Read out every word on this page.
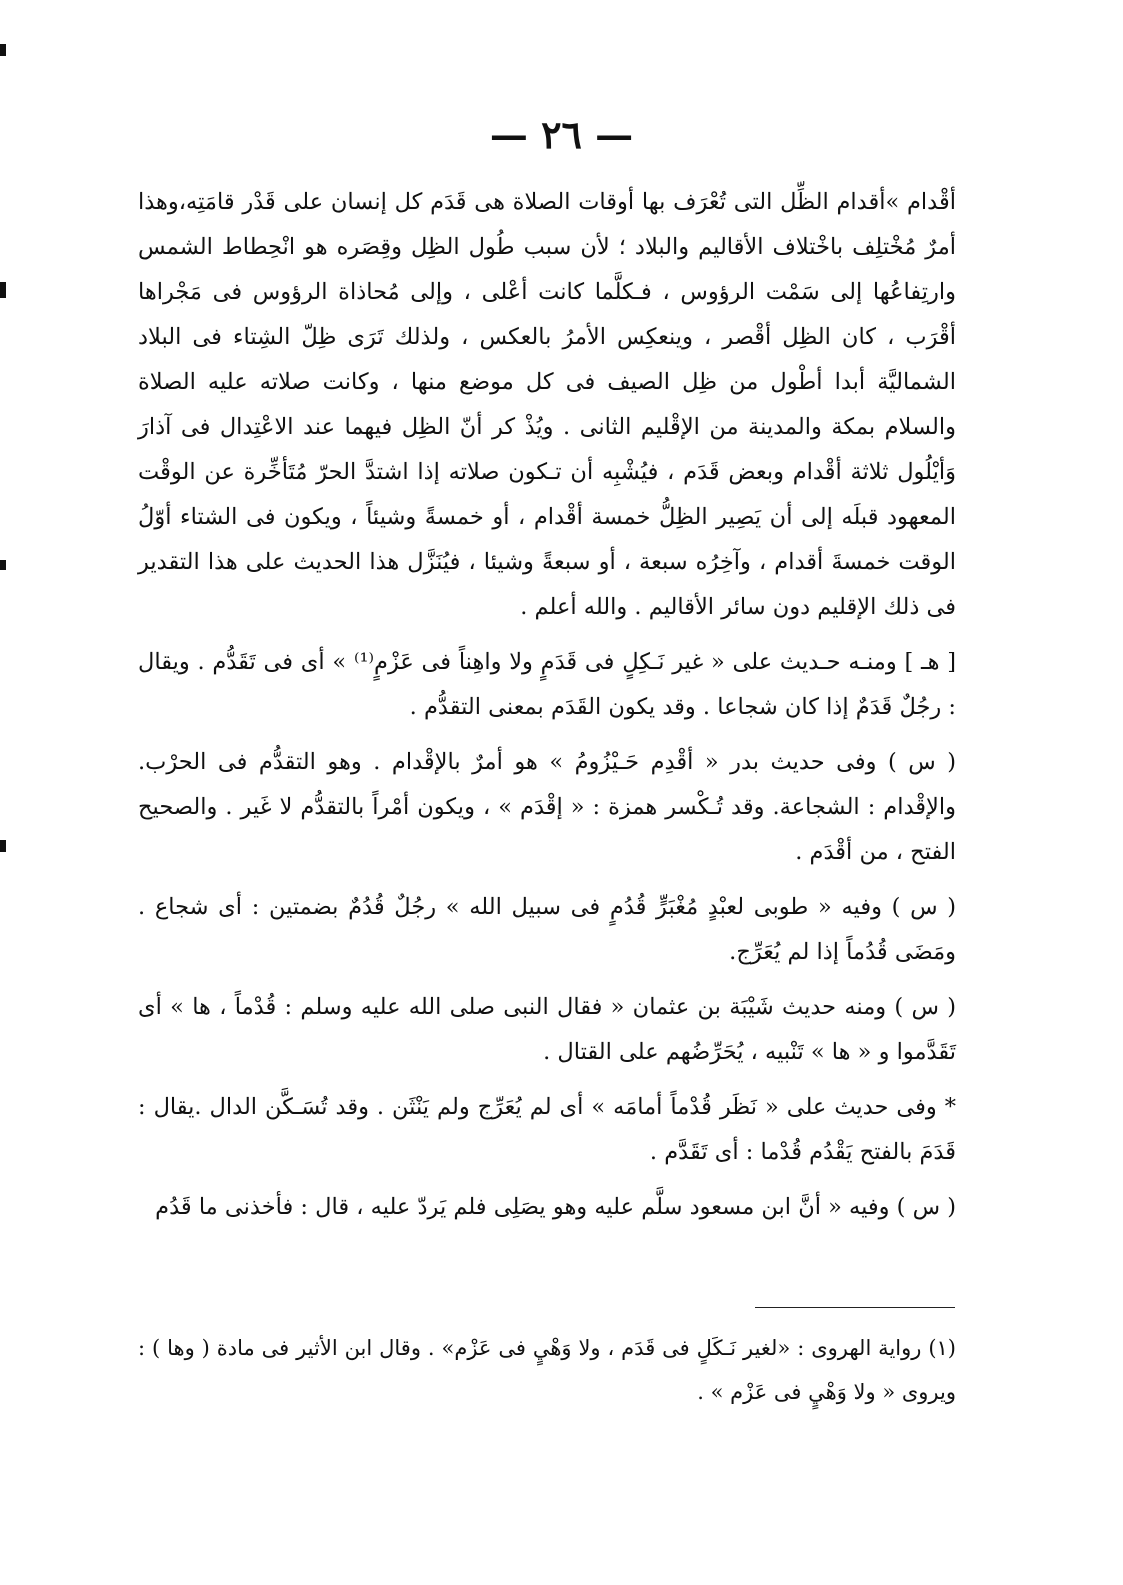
— ٢٦ —

أقْدام »أقدام الظِّل التى تُعْرَف بها أوقات الصلاة هى قَدَم كل إنسان على قَدْر قامَتِه،وهذا أمرٌ مُخْتلِف باخْتلاف الأقاليم والبلاد ؛ لأن سبب طُول الظِل وقِصَره هو انْحِطاط الشمس وارتِفاعُها إلى سَمْت الرؤوس ، فـكلَّما كانت أعْلى ، وإلى مُحاذاة الرؤوس فى مَجْراها أقْرَب ، كان الظِل أقْصر ، وينعكِس الأمرُ بالعكس ، ولذلك تَرَى ظِلّ الشِتاء فى البلاد الشماليَّة أبدا أطْول من ظِل الصيف فى كل موضع منها ، وكانت صلاته عليه الصلاة والسلام بمكة والمدينة من الإقْليم الثانى . ويُذْ كر أنّ الظِل فيهما عند الاعْتِدال فى آذارَ وَأيْلُول ثلاثة أقْدام وبعض قَدَم ، فيُشْبِه أن تـكون صلاته إذا اشتدَّ الحرّ مُتَأخِّرة عن الوقْت المعهود قبلَه إلى أن يَصِير الظِلُّ خمسة أقْدام ، أو خمسةً وشيئاً ، ويكون فى الشتاء أوّلُ الوقت خمسةَ أقدام ، وآخِرُه سبعة ، أو سبعةً وشيئا ، فيُنَزَّل هذا الحديث على هذا التقدير فى ذلك الإقليم دون سائر الأقاليم . والله أعلم .

[ هـ ] ومنـه حـديث على « غير نَـكِلٍ فى قَدَمٍ ولا واهِناً فى عَزْمٍ⁽¹⁾ » أى فى تَقَدُّم . ويقال : رجُلٌ قَدَمٌ إذا كان شجاعا . وقد يكون القَدَم بمعنى التقدُّم .

( س ) وفى حديث بدر « أقْدِم حَـيْزُومُ » هو أمرٌ بالإقْدام . وهو التقدُّم فى الحرْب. والإقْدام : الشجاعة. وقد تُـكْسر همزة : « إقْدَم » ، ويكون أمْراً بالتقدُّم لا غَير . والصحيح الفتح ، من أقْدَم .

( س ) وفيه « طوبى لعبْدٍ مُغْبَرٍّ قُدُمٍ فى سبيل الله » رجُلٌ قُدُمٌ بضمتين : أى شجاع . ومَضَى قُدُماً إذا لم يُعَرِّج.

( س ) ومنه حديث شَيْبَة بن عثمان « فقال النبى صلى الله عليه وسلم : قُدْماً ، ها » أى تَقَدَّموا و « ها » تَنْبيه ، يُحَرِّضُهم على القتال .

* وفى حديث على « نَظَر قُدْماً أمامَه » أى لم يُعَرِّج ولم يَنْثَن . وقد تُسَـكَّن الدال .يقال : قَدَمَ بالفتح يَقْدُم قُدْما : أى تَقَدَّم .

( س ) وفيه « أنَّ ابن مسعود سلَّم عليه وهو يصَلِى فلم يَردّ عليه ، قال : فأخذنى ما قَدُم

(١) رواية الهروى : «لغير نَـكَلٍ فى قَدَم ، ولا وَهْيٍ فى عَزْم» . وقال ابن الأثير فى مادة ( وها ) : ويروى « ولا وَهْيٍ فى عَزْم » .
